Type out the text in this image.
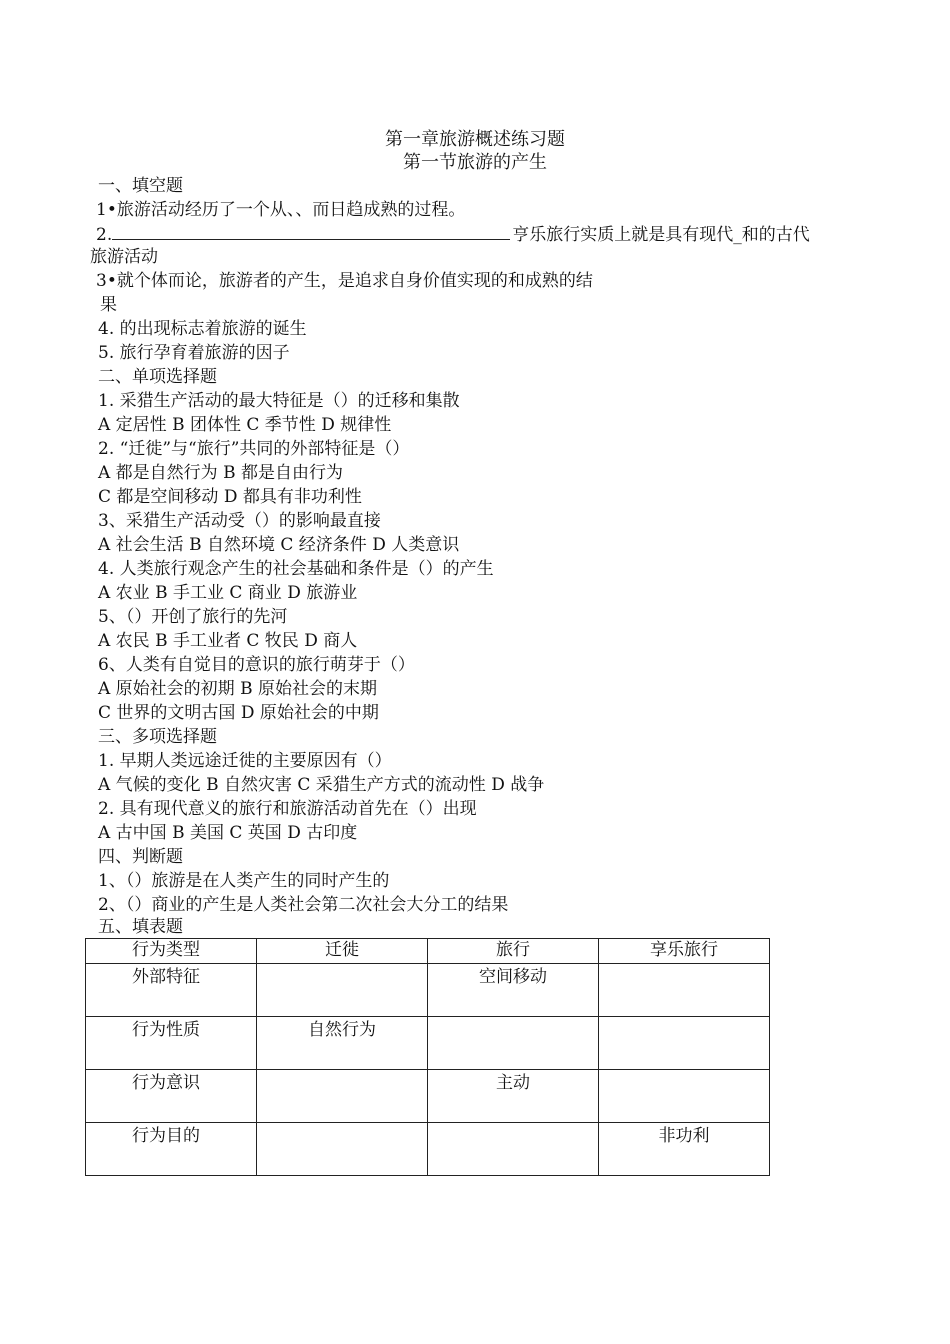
第一章旅游概述练习题
第一节旅游的产生
一、填空题
1•旅游活动经历了一个从、、而日趋成熟的过程。
2.	亨乐旅行实质上就是具有现代_和的古代
旅游活动
3•就个体而论，旅游者的产生，是追求自身价值实现的和成熟的结
果
4. 的出现标志着旅游的诞生
5. 旅行孕育着旅游的因子
二、单项选择题
1. 采猎生产活动的最大特征是（）的迁移和集散
A 定居性 B 团体性 C 季节性 D 规律性
2. “迁徙”与“旅行”共同的外部特征是（）
A 都是自然行为 B 都是自由行为
C 都是空间移动 D 都具有非功利性
3、采猎生产活动受（）的影响最直接
A 社会生活 B 自然环境 C 经济条件 D 人类意识
4. 人类旅行观念产生的社会基础和条件是（）的产生
A 农业 B 手工业 C 商业 D 旅游业
5、（）开创了旅行的先河
A 农民 B 手工业者 C 牧民 D 商人
6、人类有自觉目的意识的旅行萌芽于（）
A 原始社会的初期 B 原始社会的末期
C 世界的文明古国 D 原始社会的中期
三、多项选择题
1. 早期人类远途迁徙的主要原因有（）
A 气候的变化 B 自然灾害 C 采猎生产方式的流动性 D 战争
2. 具有现代意义的旅行和旅游活动首先在（）出现
A 古中国 B 美国 C 英国 D 古印度
四、判断题
1、（）旅游是在人类产生的同时产生的
2、（）商业的产生是人类社会第二次社会大分工的结果
五、填表题
行为类型	迁徙	旅行	享乐旅行
外部特征		空间移动	
行为性质	自然行为		
行为意识		主动	
行为目的			非功利
